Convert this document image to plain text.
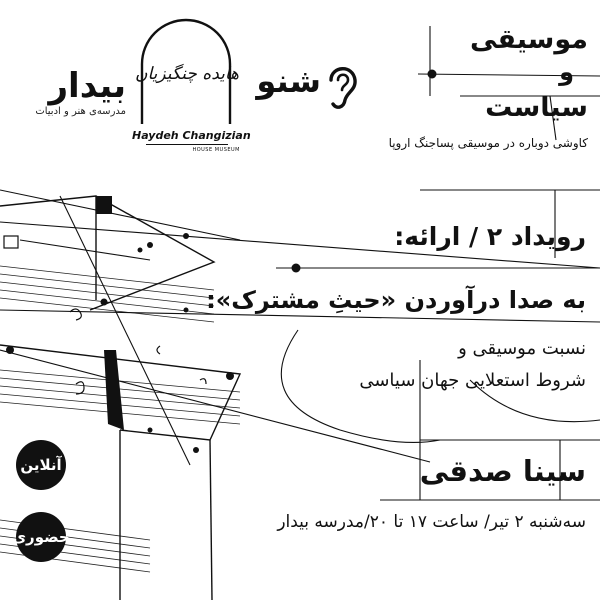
بیدار
مدرسه‌ی هنر و ادبیات
هایده چنگیزیان
Haydeh Changizian
HOUSE MUSEUM
شنو
موسیقی
و
سیاست
کاوشی دوباره در موسیقی پساجنگ اروپا
رویداد ۲ / ارائه:
به صدا درآوردن «حیثِ مشترک»:
نسبت موسیقی و
شروط استعلایی جهان سیاسی
سینا صدقی
سه‌شنبه ۲ تیر/ ساعت ۱۷ تا ۲۰/مدرسه بیدار
آنلاین
حضوری
